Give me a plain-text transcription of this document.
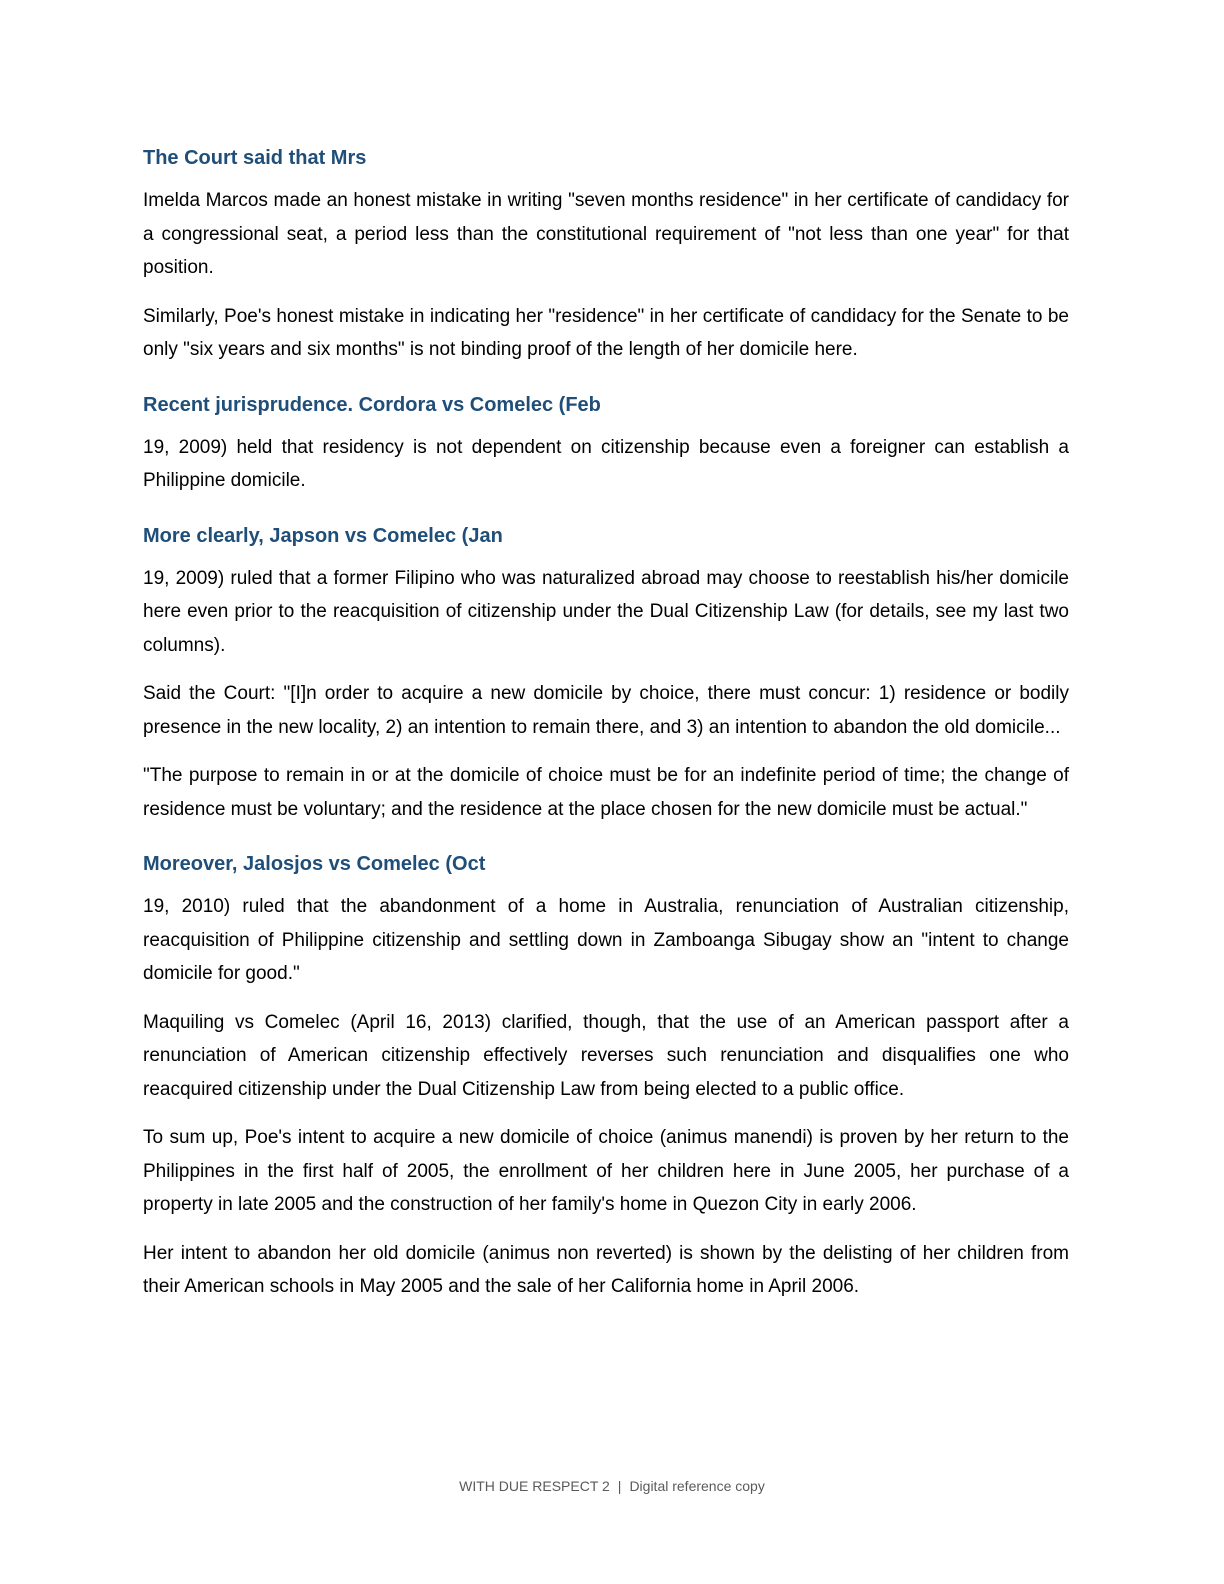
The Court said that Mrs

Imelda Marcos made an honest mistake in writing "seven months residence" in her certificate of candidacy for a congressional seat, a period less than the constitutional requirement of "not less than one year" for that position.

Similarly, Poe's honest mistake in indicating her "residence" in her certificate of candidacy for the Senate to be only "six years and six months" is not binding proof of the length of her domicile here.

Recent jurisprudence. Cordora vs Comelec (Feb

19, 2009) held that residency is not dependent on citizenship because even a foreigner can establish a Philippine domicile.

More clearly, Japson vs Comelec (Jan

19, 2009) ruled that a former Filipino who was naturalized abroad may choose to reestablish his/her domicile here even prior to the reacquisition of citizenship under the Dual Citizenship Law (for details, see my last two columns).

Said the Court: "[I]n order to acquire a new domicile by choice, there must concur: 1) residence or bodily presence in the new locality, 2) an intention to remain there, and 3) an intention to abandon the old domicile...

"The purpose to remain in or at the domicile of choice must be for an indefinite period of time; the change of residence must be voluntary; and the residence at the place chosen for the new domicile must be actual."

Moreover, Jalosjos vs Comelec (Oct

19, 2010) ruled that the abandonment of a home in Australia, renunciation of Australian citizenship, reacquisition of Philippine citizenship and settling down in Zamboanga Sibugay show an "intent to change domicile for good."

Maquiling vs Comelec (April 16, 2013) clarified, though, that the use of an American passport after a renunciation of American citizenship effectively reverses such renunciation and disqualifies one who reacquired citizenship under the Dual Citizenship Law from being elected to a public office.

To sum up, Poe's intent to acquire a new domicile of choice (animus manendi) is proven by her return to the Philippines in the first half of 2005, the enrollment of her children here in June 2005, her purchase of a property in late 2005 and the construction of her family's home in Quezon City in early 2006.

Her intent to abandon her old domicile (animus non reverted) is shown by the delisting of her children from their American schools in May 2005 and the sale of her California home in April 2006.

WITH DUE RESPECT 2 | Digital reference copy
